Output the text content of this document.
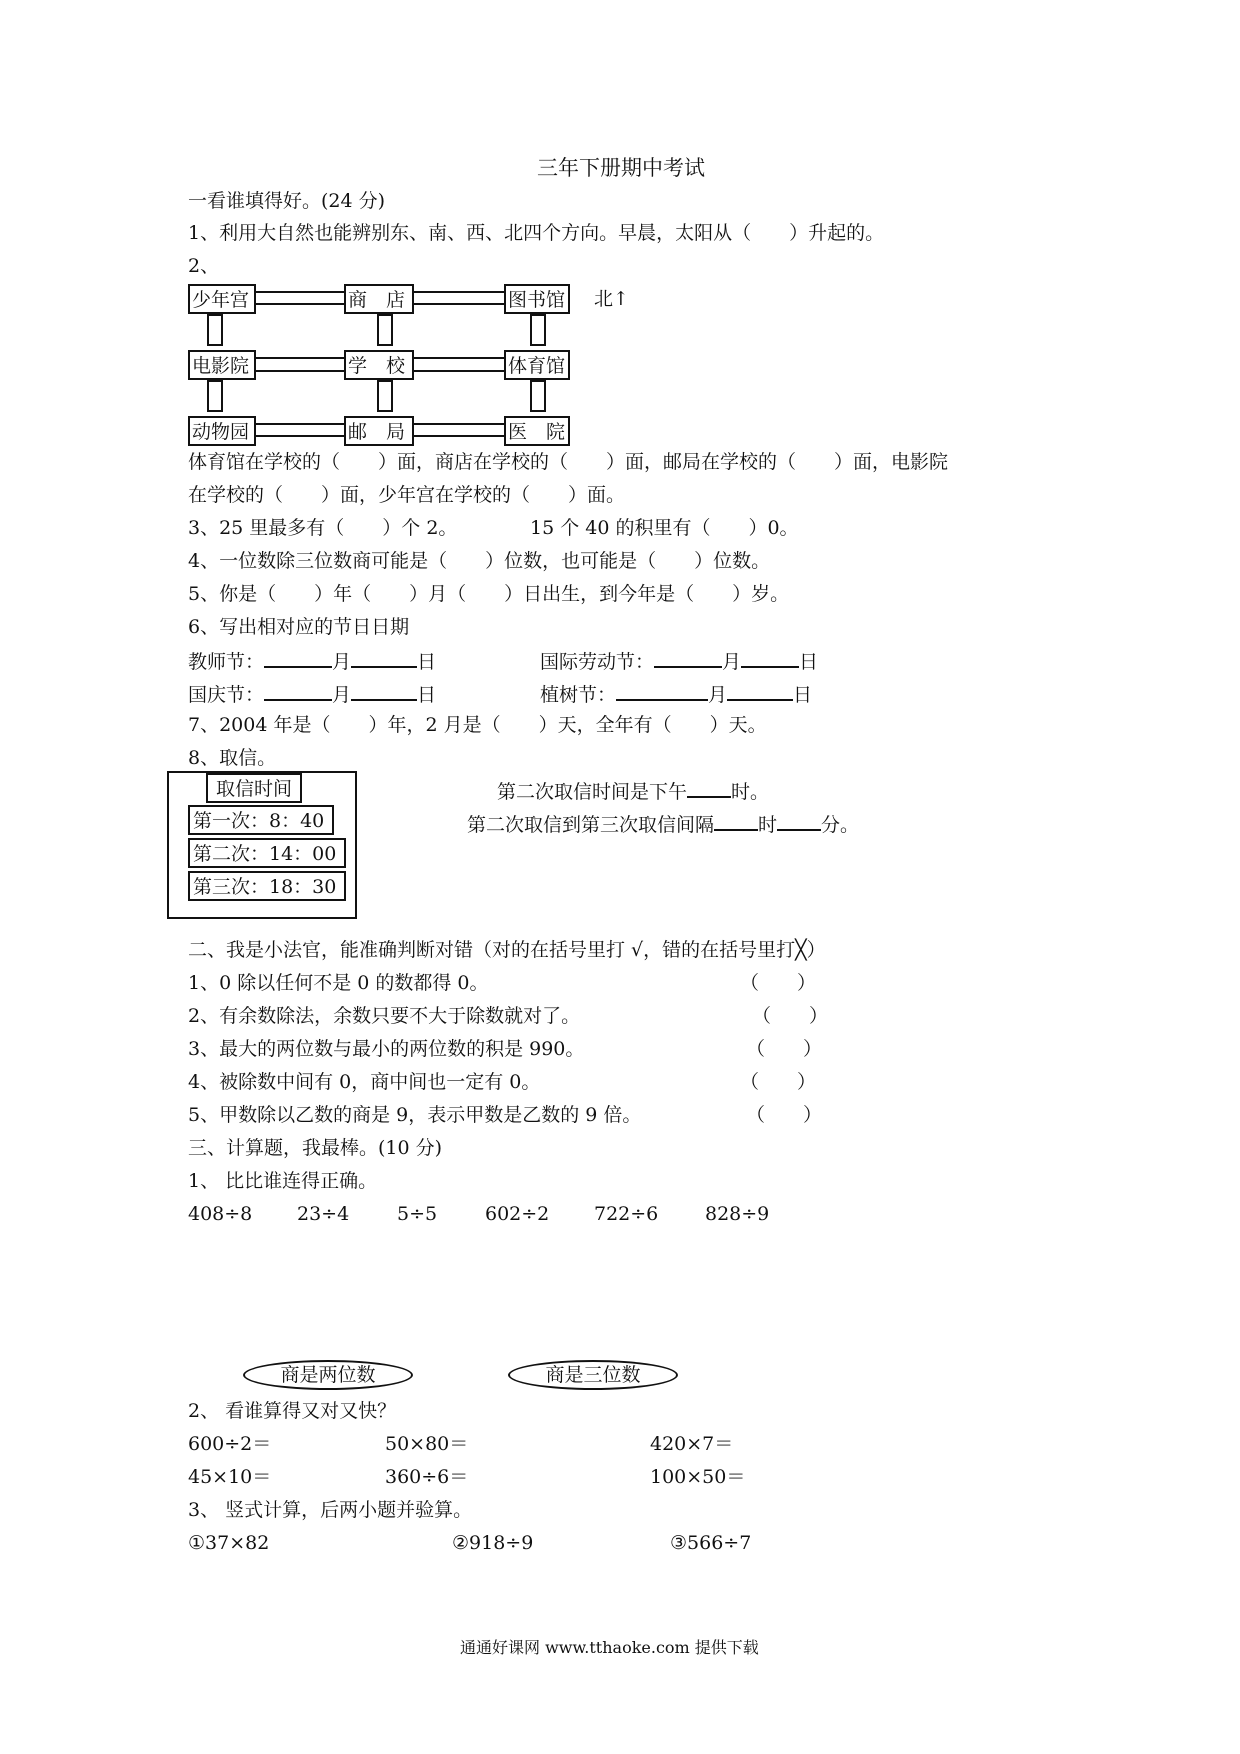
三年下册期中考试
一看谁填得好。(24 分)
1、利用大自然也能辨别东、南、西、北四个方向。早晨，太阳从（　　）升起的。
2、
少年宫	商　店	图书馆 北↑
电影院	学　校	体育馆
动物园	邮　局	医　院
体育馆在学校的（　　）面，商店在学校的（　　）面，邮局在学校的（　　）面，电影院
在学校的（　　）面，少年宫在学校的（　　）面。
3、25 里最多有（　　）个 2。	15 个 40 的积里有（　　）0。
4、一位数除三位数商可能是（　　）位数，也可能是（　　）位数。
5、你是（　　）年（　　）月（　　）日出生，到今年是（　　）岁。
6、写出相对应的节日日期
教师节：	月	日	国际劳动节：	月	日
国庆节：	月	日	植树节：	月	日
7、2004 年是（　　）年，2 月是（　　）天，全年有（　　）天。
8、取信。
取信时间
第一次：8：40
第二次：14：00
第三次：18：30
第二次取信时间是下午 时。
第二次取信到第三次取信间隔 时 分。
二、我是小法官，能准确判断对错（对的在括号里打 √，错的在括号里打╳）
1、0 除以任何不是 0 的数都得 0。	（　　）
2、有余数除法，余数只要不大于除数就对了。	（　　）
3、最大的两位数与最小的两位数的积是 990。	（　　）
4、被除数中间有 0，商中间也一定有 0。	（　　）
5、甲数除以乙数的商是 9，表示甲数是乙数的 9 倍。	（　　）
三、计算题，我最棒。(10 分)
1、 比比谁连得正确。
408÷8 23÷4	5÷5	602÷2 722÷6 828÷9
商是两位数	商是三位数
2、 看谁算得又对又快？
600÷2＝	50×80＝	420×7＝
45×10＝	360÷6＝	100×50＝
3、 竖式计算，后两小题并验算。
①37×82	②918÷9	③566÷7
通通好课网 www.tthaoke.com 提供下载
